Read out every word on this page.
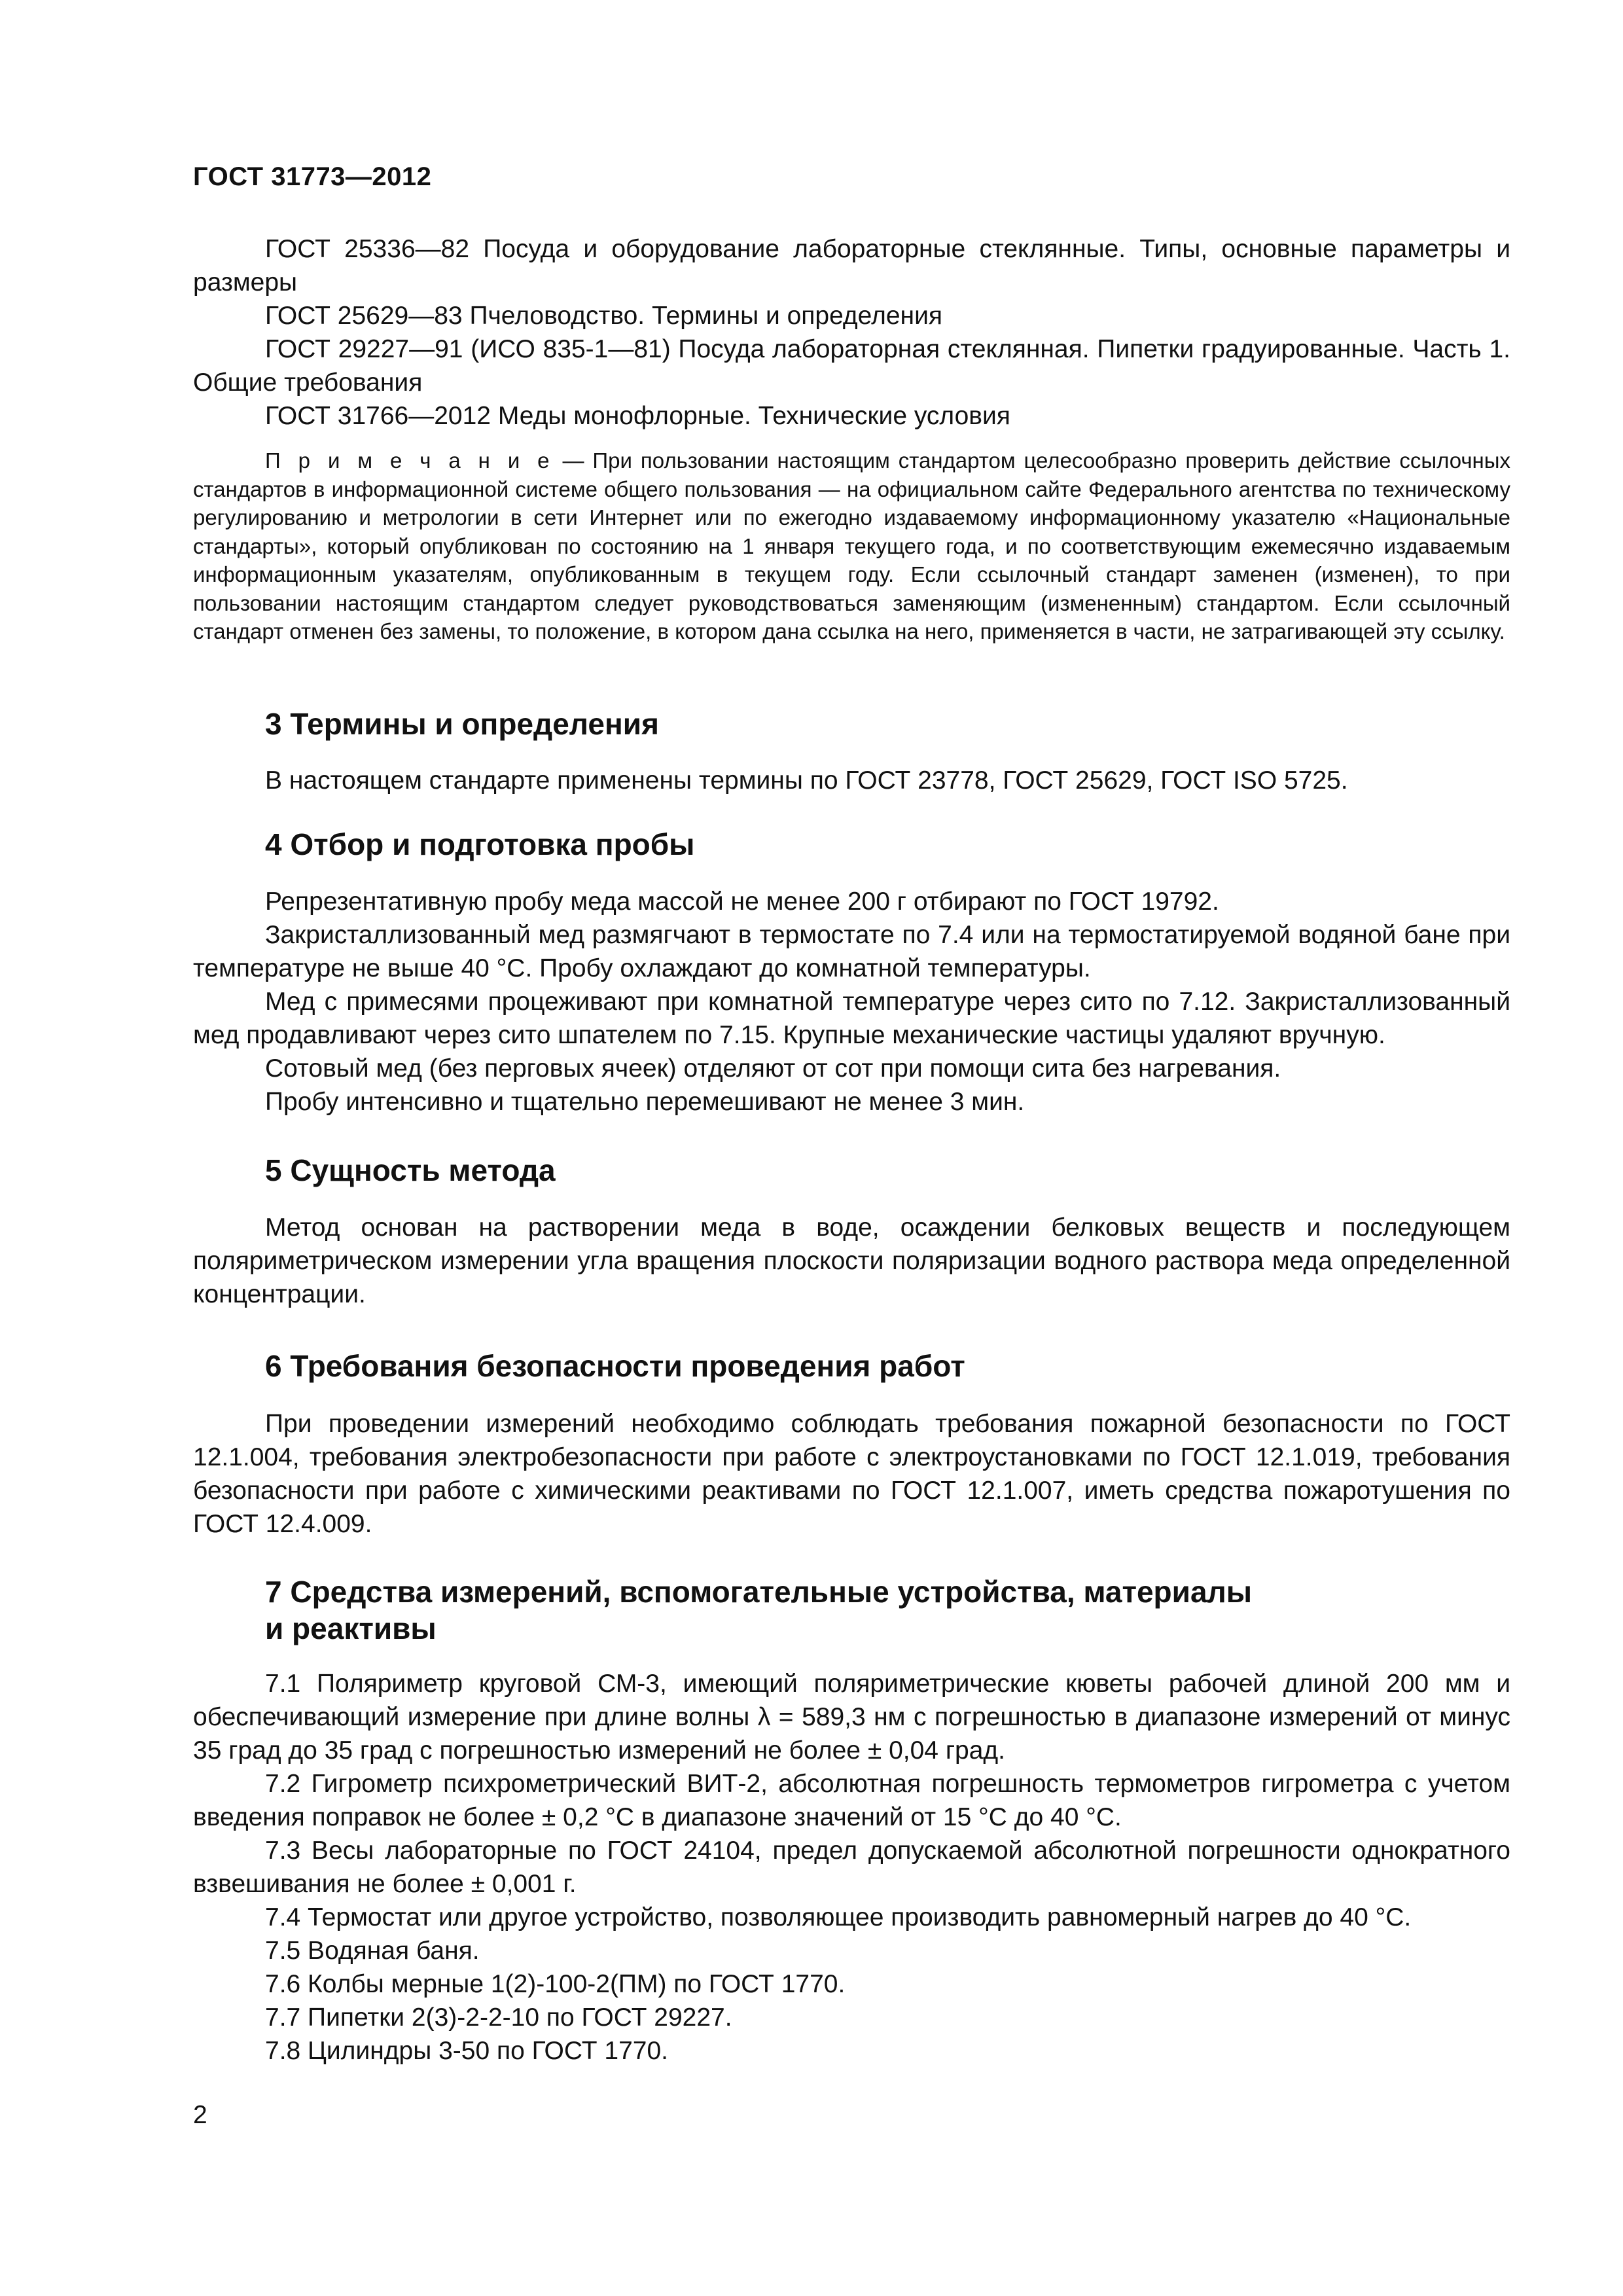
ГОСТ 31773—2012

ГОСТ 25336—82 Посуда и оборудование лабораторные стеклянные. Типы, основные параметры и размеры

ГОСТ 25629—83 Пчеловодство. Термины и определения

ГОСТ 29227—91 (ИСО 835-1—81) Посуда лабораторная стеклянная. Пипетки градуированные. Часть 1. Общие требования

ГОСТ 31766—2012 Меды монофлорные. Технические условия

П р и м е ч а н и е — При пользовании настоящим стандартом целесообразно проверить действие ссылочных стандартов в информационной системе общего пользования — на официальном сайте Федерального агентства по техническому регулированию и метрологии в сети Интернет или по ежегодно издаваемому информационному указателю «Национальные стандарты», который опубликован по состоянию на 1 января текущего года, и по соответствующим ежемесячно издаваемым информационным указателям, опубликованным в текущем году. Если ссылочный стандарт заменен (изменен), то при пользовании настоящим стандартом следует руководствоваться заменяющим (измененным) стандартом. Если ссылочный стандарт отменен без замены, то положение, в котором дана ссылка на него, применяется в части, не затрагивающей эту ссылку.

3 Термины и определения

В настоящем стандарте применены термины по ГОСТ 23778, ГОСТ 25629, ГОСТ ISO 5725.

4 Отбор и подготовка пробы

Репрезентативную пробу меда массой не менее 200 г отбирают по ГОСТ 19792.

Закристаллизованный мед размягчают в термостате по 7.4 или на термостатируемой водяной бане при температуре не выше 40 °С. Пробу охлаждают до комнатной температуры.

Мед с примесями процеживают при комнатной температуре через сито по 7.12. Закристаллизованный мед продавливают через сито шпателем по 7.15. Крупные механические частицы удаляют вручную.

Сотовый мед (без перговых ячеек) отделяют от сот при помощи сита без нагревания.

Пробу интенсивно и тщательно перемешивают не менее 3 мин.

5 Сущность метода

Метод основан на растворении меда в воде, осаждении белковых веществ и последующем поляриметрическом измерении угла вращения плоскости поляризации водного раствора меда определенной концентрации.

6 Требования безопасности проведения работ

При проведении измерений необходимо соблюдать требования пожарной безопасности по ГОСТ 12.1.004, требования электробезопасности при работе с электроустановками по ГОСТ 12.1.019, требования безопасности при работе с химическими реактивами по ГОСТ 12.1.007, иметь средства пожаротушения по ГОСТ 12.4.009.

7 Средства измерений, вспомогательные устройства, материалы
и реактивы

7.1 Поляриметр круговой СМ-3, имеющий поляриметрические кюветы рабочей длиной 200 мм и обеспечивающий измерение при длине волны λ = 589,3 нм с погрешностью в диапазоне измерений от минус 35 град до 35 град с погрешностью измерений не более ± 0,04 град.

7.2 Гигрометр психрометрический ВИТ-2, абсолютная погрешность термометров гигрометра с учетом введения поправок не более ± 0,2 °С в диапазоне значений от 15 °С до 40 °С.

7.3 Весы лабораторные по ГОСТ 24104, предел допускаемой абсолютной погрешности однократного взвешивания не более ± 0,001 г.

7.4 Термостат или другое устройство, позволяющее производить равномерный нагрев до 40 °С.

7.5 Водяная баня.

7.6 Колбы мерные 1(2)-100-2(ПМ) по ГОСТ 1770.

7.7 Пипетки 2(3)-2-2-10 по ГОСТ 29227.

7.8 Цилиндры 3-50 по ГОСТ 1770.

2
